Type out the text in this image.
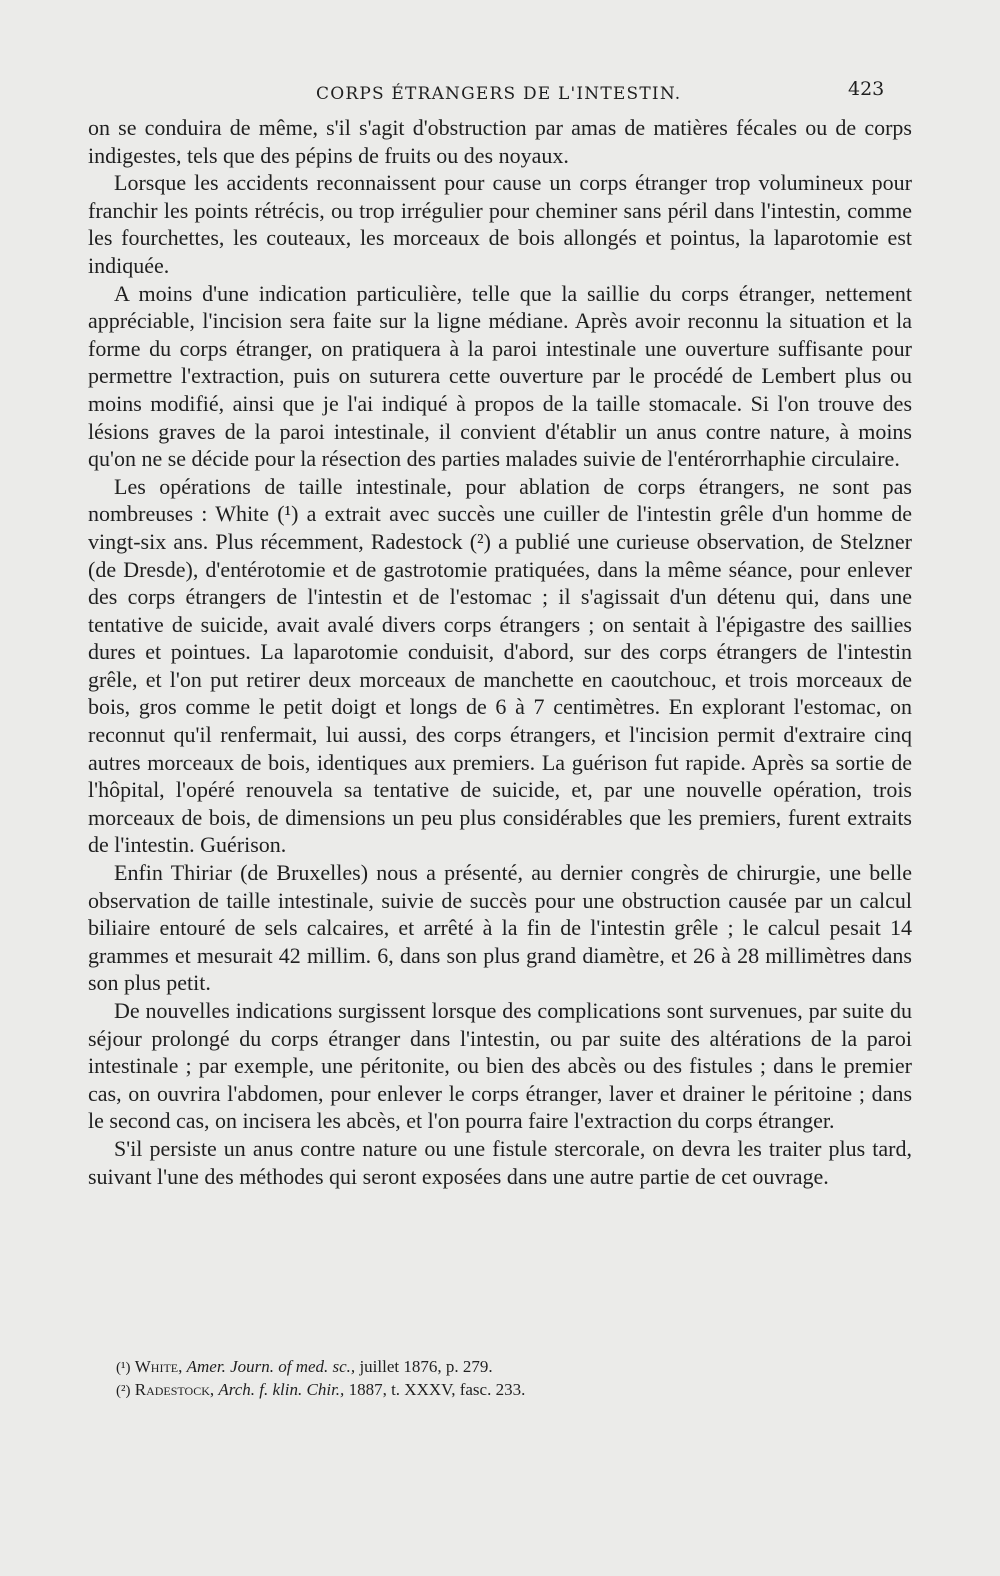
CORPS ÉTRANGERS DE L'INTESTIN.	423

on se conduira de même, s'il s'agit d'obstruction par amas de matières fécales ou de corps indigestes, tels que des pépins de fruits ou des noyaux.

Lorsque les accidents reconnaissent pour cause un corps étranger trop volumineux pour franchir les points rétrécis, ou trop irrégulier pour cheminer sans péril dans l'intestin, comme les fourchettes, les couteaux, les morceaux de bois allongés et pointus, la laparotomie est indiquée.

A moins d'une indication particulière, telle que la saillie du corps étranger, nettement appréciable, l'incision sera faite sur la ligne médiane. Après avoir reconnu la situation et la forme du corps étranger, on pratiquera à la paroi intestinale une ouverture suffisante pour permettre l'extraction, puis on suturera cette ouverture par le procédé de Lembert plus ou moins modifié, ainsi que je l'ai indiqué à propos de la taille stomacale. Si l'on trouve des lésions graves de la paroi intestinale, il convient d'établir un anus contre nature, à moins qu'on ne se décide pour la résection des parties malades suivie de l'entérorrhaphie circulaire.

Les opérations de taille intestinale, pour ablation de corps étrangers, ne sont pas nombreuses : White (¹) a extrait avec succès une cuiller de l'intestin grêle d'un homme de vingt-six ans. Plus récemment, Radestock (²) a publié une curieuse observation, de Stelzner (de Dresde), d'entérotomie et de gastrotomie pratiquées, dans la même séance, pour enlever des corps étrangers de l'intestin et de l'estomac ; il s'agissait d'un détenu qui, dans une tentative de suicide, avait avalé divers corps étrangers ; on sentait à l'épigastre des saillies dures et pointues. La laparotomie conduisit, d'abord, sur des corps étrangers de l'intestin grêle, et l'on put retirer deux morceaux de manchette en caoutchouc, et trois morceaux de bois, gros comme le petit doigt et longs de 6 à 7 centimètres. En explorant l'estomac, on reconnut qu'il renfermait, lui aussi, des corps étrangers, et l'incision permit d'extraire cinq autres morceaux de bois, identiques aux premiers. La guérison fut rapide. Après sa sortie de l'hôpital, l'opéré renouvela sa tentative de suicide, et, par une nouvelle opération, trois morceaux de bois, de dimensions un peu plus considérables que les premiers, furent extraits de l'intestin. Guérison.

Enfin Thiriar (de Bruxelles) nous a présenté, au dernier congrès de chirurgie, une belle observation de taille intestinale, suivie de succès pour une obstruction causée par un calcul biliaire entouré de sels calcaires, et arrêté à la fin de l'intestin grêle ; le calcul pesait 14 grammes et mesurait 42 millim. 6, dans son plus grand diamètre, et 26 à 28 millimètres dans son plus petit.

De nouvelles indications surgissent lorsque des complications sont survenues, par suite du séjour prolongé du corps étranger dans l'intestin, ou par suite des altérations de la paroi intestinale ; par exemple, une péritonite, ou bien des abcès ou des fistules ; dans le premier cas, on ouvrira l'abdomen, pour enlever le corps étranger, laver et drainer le péritoine ; dans le second cas, on incisera les abcès, et l'on pourra faire l'extraction du corps étranger.

S'il persiste un anus contre nature ou une fistule stercorale, on devra les traiter plus tard, suivant l'une des méthodes qui seront exposées dans une autre partie de cet ouvrage.

(¹) White, Amer. Journ. of med. sc., juillet 1876, p. 279.

(²) Radestock, Arch. f. klin. Chir., 1887, t. XXXV, fasc. 233.
